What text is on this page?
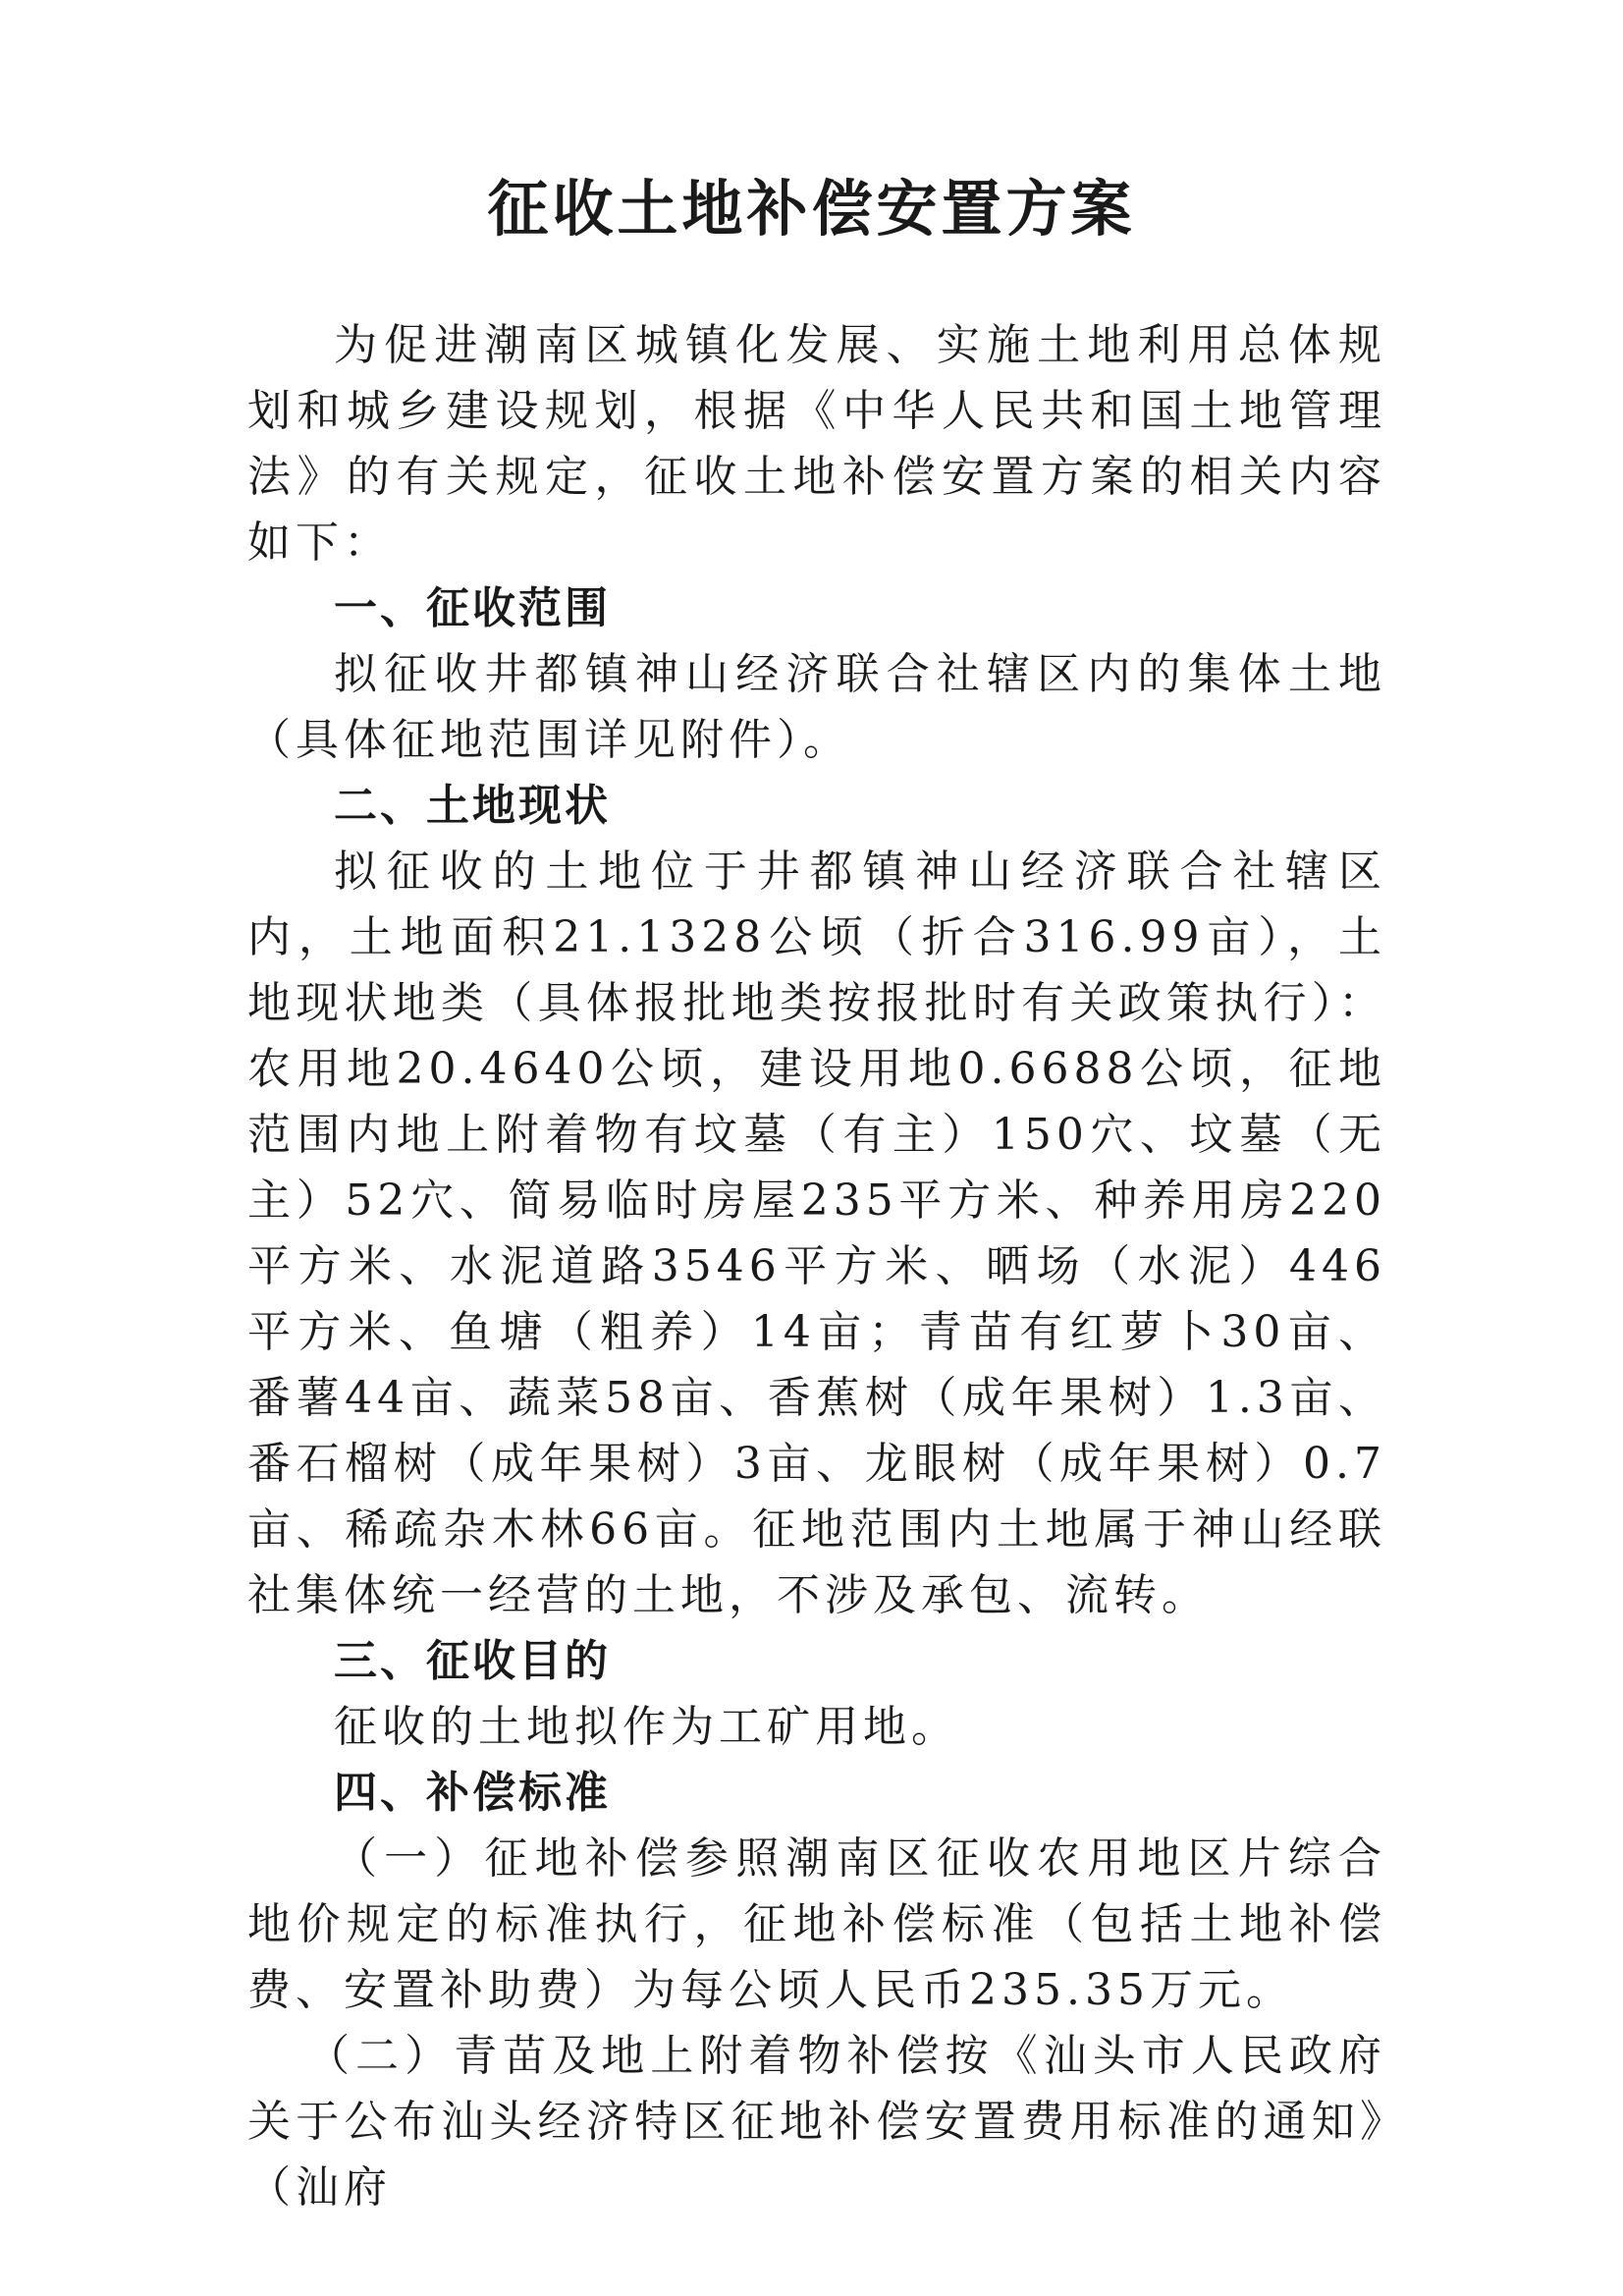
征收土地补偿安置方案

为促进潮南区城镇化发展、实施土地利用总体规划和城乡建设规划，根据《中华人民共和国土地管理法》的有关规定，征收土地补偿安置方案的相关内容如下：

一、征收范围

拟征收井都镇神山经济联合社辖区内的集体土地（具体征地范围详见附件）。

二、土地现状

拟征收的土地位于井都镇神山经济联合社辖区内，土地面积21.1328公顷（折合316.99亩），土地现状地类（具体报批地类按报批时有关政策执行）：农用地20.4640公顷，建设用地0.6688公顷，征地范围内地上附着物有坟墓（有主）150穴、坟墓（无主）52穴、简易临时房屋235平方米、种养用房220平方米、水泥道路3546平方米、晒场（水泥）446平方米、鱼塘（粗养）14亩；青苗有红萝卜30亩、番薯44亩、蔬菜58亩、香蕉树（成年果树）1.3亩、番石榴树（成年果树）3亩、龙眼树（成年果树）0.7亩、稀疏杂木林66亩。征地范围内土地属于神山经联社集体统一经营的土地，不涉及承包、流转。

三、征收目的

征收的土地拟作为工矿用地。

四、补偿标准

（一）征地补偿参照潮南区征收农用地区片综合地价规定的标准执行，征地补偿标准（包括土地补偿费、安置补助费）为每公顷人民币235.35万元。

（二）青苗及地上附着物补偿按《汕头市人民政府关于公布汕头经济特区征地补偿安置费用标准的通知》（汕府
